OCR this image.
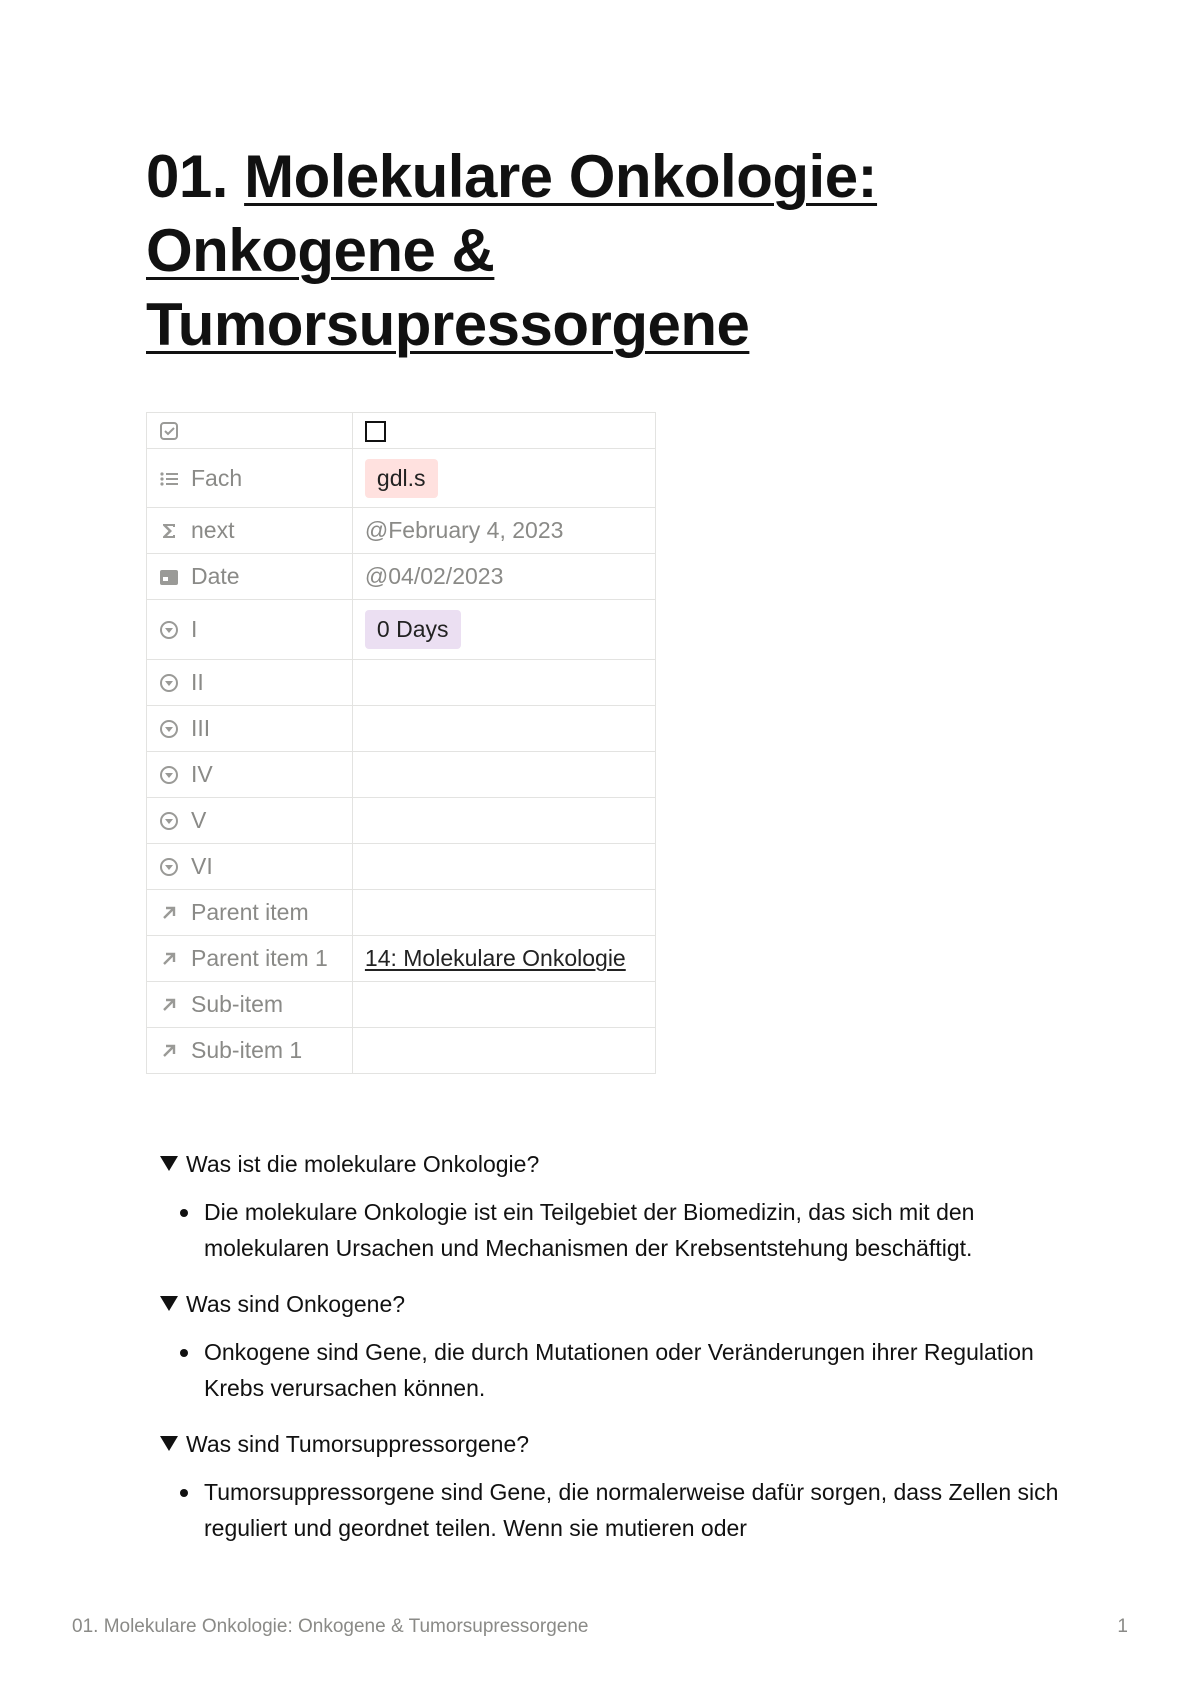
01. Molekulare Onkologie:
Onkogene &
Tumorsupressorgene

Fach	gdl.s
next	@February 4, 2023
Date	@04/02/2023
I	0 Days
II	
III	
IV	
V	
VI	
Parent item	
Parent item 1	14: Molekulare Onkologie
Sub-item	
Sub-item 1	
Was ist die molekulare Onkologie?
Die molekulare Onkologie ist ein Teilgebiet der Biomedizin, das sich mit den molekularen Ursachen und Mechanismen der Krebsentstehung beschäftigt.
Was sind Onkogene?
Onkogene sind Gene, die durch Mutationen oder Veränderungen ihrer Regulation Krebs verursachen können.
Was sind Tumorsuppressorgene?
Tumorsuppressorgene sind Gene, die normalerweise dafür sorgen, dass Zellen sich reguliert und geordnet teilen. Wenn sie mutieren oder
01. Molekulare Onkologie: Onkogene & Tumorsupressorgene	1
